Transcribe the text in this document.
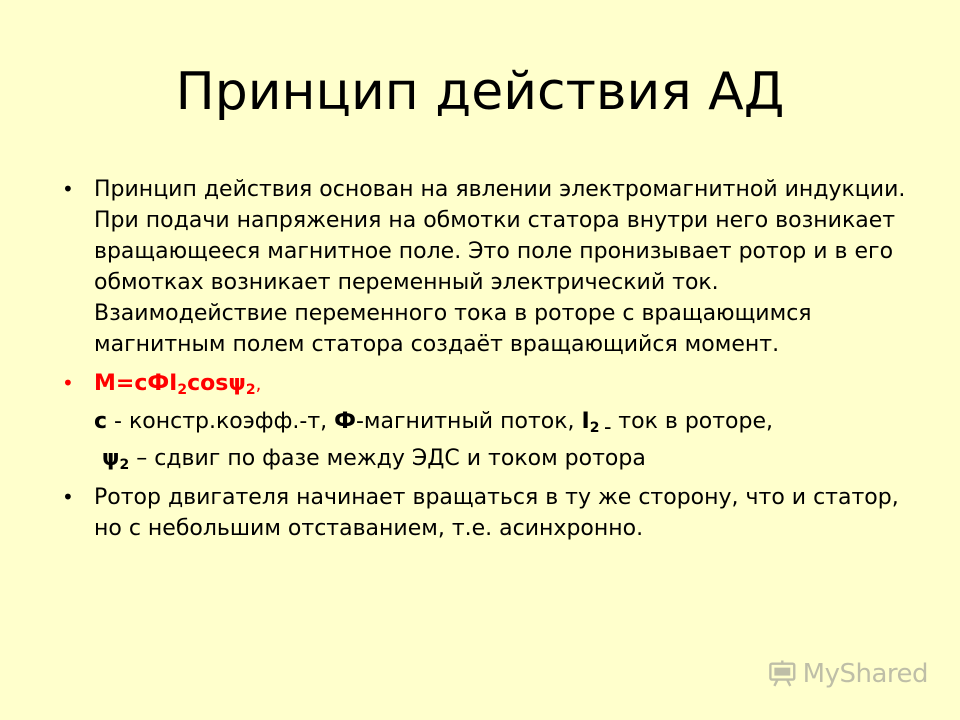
Принцип действия АД
• Принцип действия основан на явлении электромагнитной индукции. При подачи напряжения на обмотки статора внутри него возникает вращающееся магнитное поле. Это поле пронизывает ротор и в его обмотках возникает переменный электрический ток. Взаимодействие переменного тока в роторе с вращающимся магнитным полем статора создаёт вращающийся момент.
• M=cФI$_2$cosψ$_2$,
с - констр.коэфф.-т, Ф-магнитный поток, $I_{2 -}$ ток в роторе,
$\psi_2$ – сдвиг по фазе между ЭДС и током ротора
• Ротор двигателя начинает вращаться в ту же сторону, что и статор, но с небольшим отставанием, т.е. асинхронно.
MyShared
